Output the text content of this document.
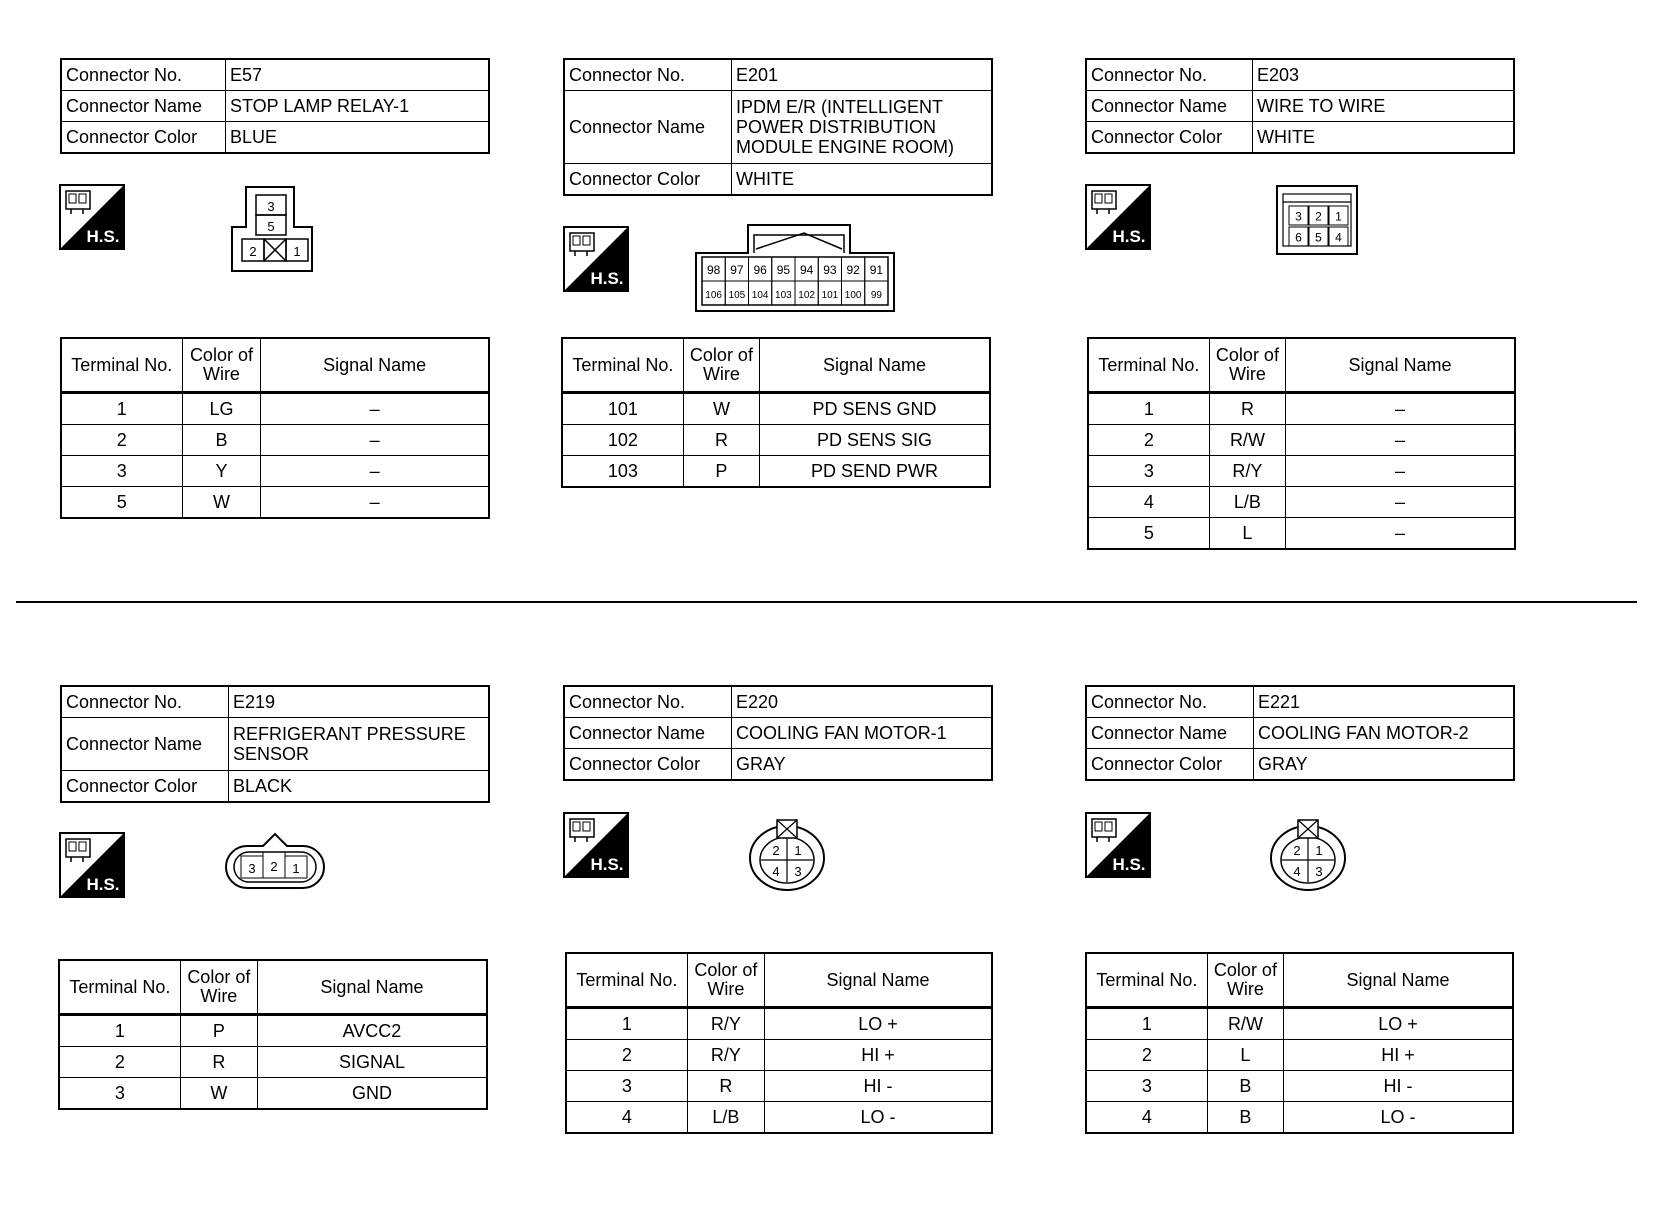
Connector No.	E57
Connector Name	STOP LAMP RELAY-1
Connector Color	BLUE
H.S.
3
5
2	1
Terminal No.	Color of Wire	Signal Name
1	LG	–
2	B	–
3	Y	–
5	W	–
Connector No.	E201
Connector Name	IPDM E/R (INTELLIGENT POWER DISTRIBUTION MODULE ENGINE ROOM)
Connector Color	WHITE
H.S.	98 97 96 95 94 93 92 91
106 105 104 103 102 101 100 99
Terminal No.	Color of Wire	Signal Name
101	W	PD SENS GND
102	R	PD SENS SIG
103	P	PD SEND PWR
Connector No.	E203
Connector Name	WIRE TO WIRE
Connector Color	WHITE
H.S.
3 2 1
6 5 4
Terminal No.	Color of Wire	Signal Name
1	R	–
2	R/W	–
3	R/Y	–
4	L/B	–
5	L	–
Connector No.	E219
Connector Name	REFRIGERANT PRESSURE SENSOR
Connector Color	BLACK
H.S.
3 2 1
Terminal No.	Color of Wire	Signal Name
1	P	AVCC2
2	R	SIGNAL
3	W	GND
Connector No.	E220
Connector Name	COOLING FAN MOTOR-1
Connector Color	GRAY
H.S.
2 1
4 3
Terminal No.	Color of Wire	Signal Name
1	R/Y	LO +
2	R/Y	HI +
3	R	HI -
4	L/B	LO -
Connector No.	E221
Connector Name	COOLING FAN MOTOR-2
Connector Color	GRAY
H.S.
2 1
4 3
Terminal No.	Color of Wire	Signal Name
1	R/W	LO +
2	L	HI +
3	B	HI -
4	B	LO -
